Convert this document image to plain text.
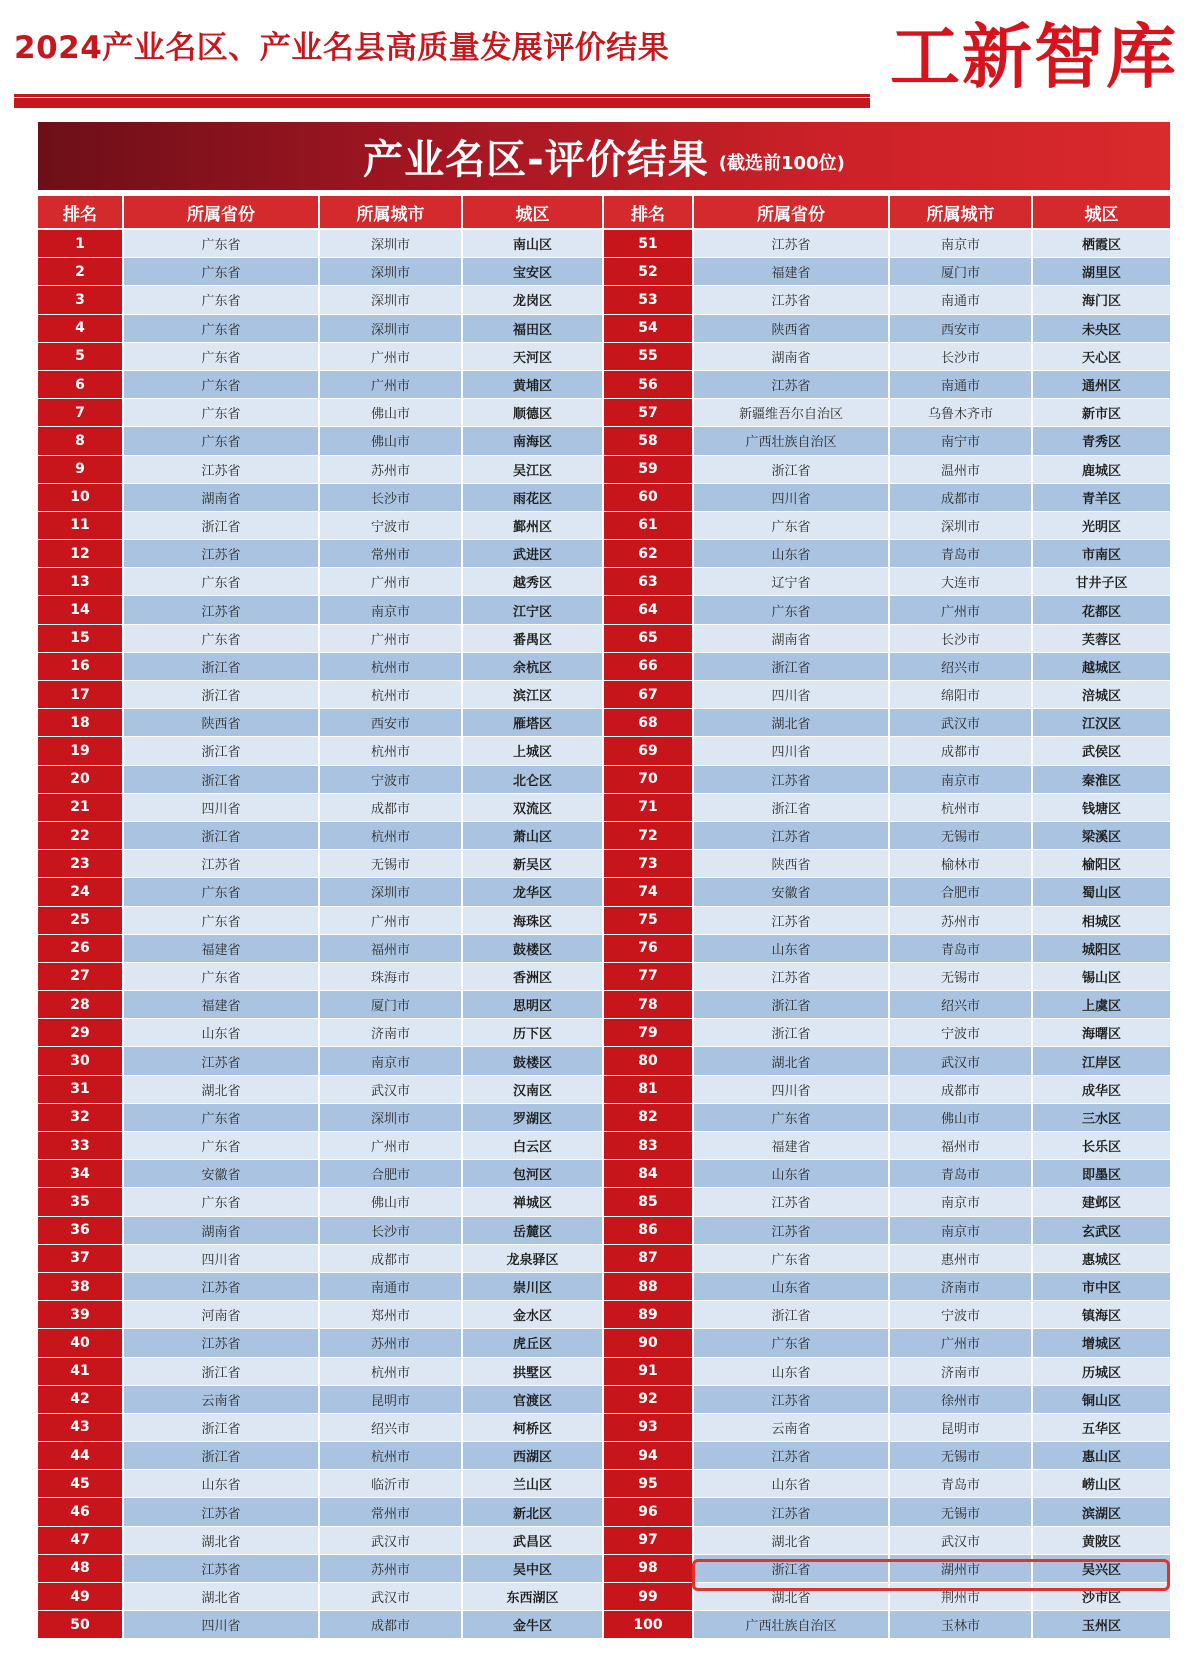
2024产业名区、产业名县高质量发展评价结果	工新智库
产业名区-评价结果 (截选前100位)
排名	所属省份	所属城市	城区	排名	所属省份	所属城市	城区
1	广东省	深圳市	南山区	51	江苏省	南京市	栖霞区
2	广东省	深圳市	宝安区	52	福建省	厦门市	湖里区
3	广东省	深圳市	龙岗区	53	江苏省	南通市	海门区
4	广东省	深圳市	福田区	54	陕西省	西安市	未央区
5	广东省	广州市	天河区	55	湖南省	长沙市	天心区
6	广东省	广州市	黄埔区	56	江苏省	南通市	通州区
7	广东省	佛山市	顺德区	57	新疆维吾尔自治区	乌鲁木齐市	新市区
8	广东省	佛山市	南海区	58	广西壮族自治区	南宁市	青秀区
9	江苏省	苏州市	吴江区	59	浙江省	温州市	鹿城区
10	湖南省	长沙市	雨花区	60	四川省	成都市	青羊区
11	浙江省	宁波市	鄞州区	61	广东省	深圳市	光明区
12	江苏省	常州市	武进区	62	山东省	青岛市	市南区
13	广东省	广州市	越秀区	63	辽宁省	大连市	甘井子区
14	江苏省	南京市	江宁区	64	广东省	广州市	花都区
15	广东省	广州市	番禺区	65	湖南省	长沙市	芙蓉区
16	浙江省	杭州市	余杭区	66	浙江省	绍兴市	越城区
17	浙江省	杭州市	滨江区	67	四川省	绵阳市	涪城区
18	陕西省	西安市	雁塔区	68	湖北省	武汉市	江汉区
19	浙江省	杭州市	上城区	69	四川省	成都市	武侯区
20	浙江省	宁波市	北仑区	70	江苏省	南京市	秦淮区
21	四川省	成都市	双流区	71	浙江省	杭州市	钱塘区
22	浙江省	杭州市	萧山区	72	江苏省	无锡市	梁溪区
23	江苏省	无锡市	新吴区	73	陕西省	榆林市	榆阳区
24	广东省	深圳市	龙华区	74	安徽省	合肥市	蜀山区
25	广东省	广州市	海珠区	75	江苏省	苏州市	相城区
26	福建省	福州市	鼓楼区	76	山东省	青岛市	城阳区
27	广东省	珠海市	香洲区	77	江苏省	无锡市	锡山区
28	福建省	厦门市	思明区	78	浙江省	绍兴市	上虞区
29	山东省	济南市	历下区	79	浙江省	宁波市	海曙区
30	江苏省	南京市	鼓楼区	80	湖北省	武汉市	江岸区
31	湖北省	武汉市	汉南区	81	四川省	成都市	成华区
32	广东省	深圳市	罗湖区	82	广东省	佛山市	三水区
33	广东省	广州市	白云区	83	福建省	福州市	长乐区
34	安徽省	合肥市	包河区	84	山东省	青岛市	即墨区
35	广东省	佛山市	禅城区	85	江苏省	南京市	建邺区
36	湖南省	长沙市	岳麓区	86	江苏省	南京市	玄武区
37	四川省	成都市	龙泉驿区	87	广东省	惠州市	惠城区
38	江苏省	南通市	崇川区	88	山东省	济南市	市中区
39	河南省	郑州市	金水区	89	浙江省	宁波市	镇海区
40	江苏省	苏州市	虎丘区	90	广东省	广州市	增城区
41	浙江省	杭州市	拱墅区	91	山东省	济南市	历城区
42	云南省	昆明市	官渡区	92	江苏省	徐州市	铜山区
43	浙江省	绍兴市	柯桥区	93	云南省	昆明市	五华区
44	浙江省	杭州市	西湖区	94	江苏省	无锡市	惠山区
45	山东省	临沂市	兰山区	95	山东省	青岛市	崂山区
46	江苏省	常州市	新北区	96	江苏省	无锡市	滨湖区
47	湖北省	武汉市	武昌区	97	湖北省	武汉市	黄陂区
48	江苏省	苏州市	吴中区	98	浙江省	湖州市	吴兴区
49	湖北省	武汉市	东西湖区	99	湖北省	荆州市	沙市区
50	四川省	成都市	金牛区	100	广西壮族自治区	玉林市	玉州区
